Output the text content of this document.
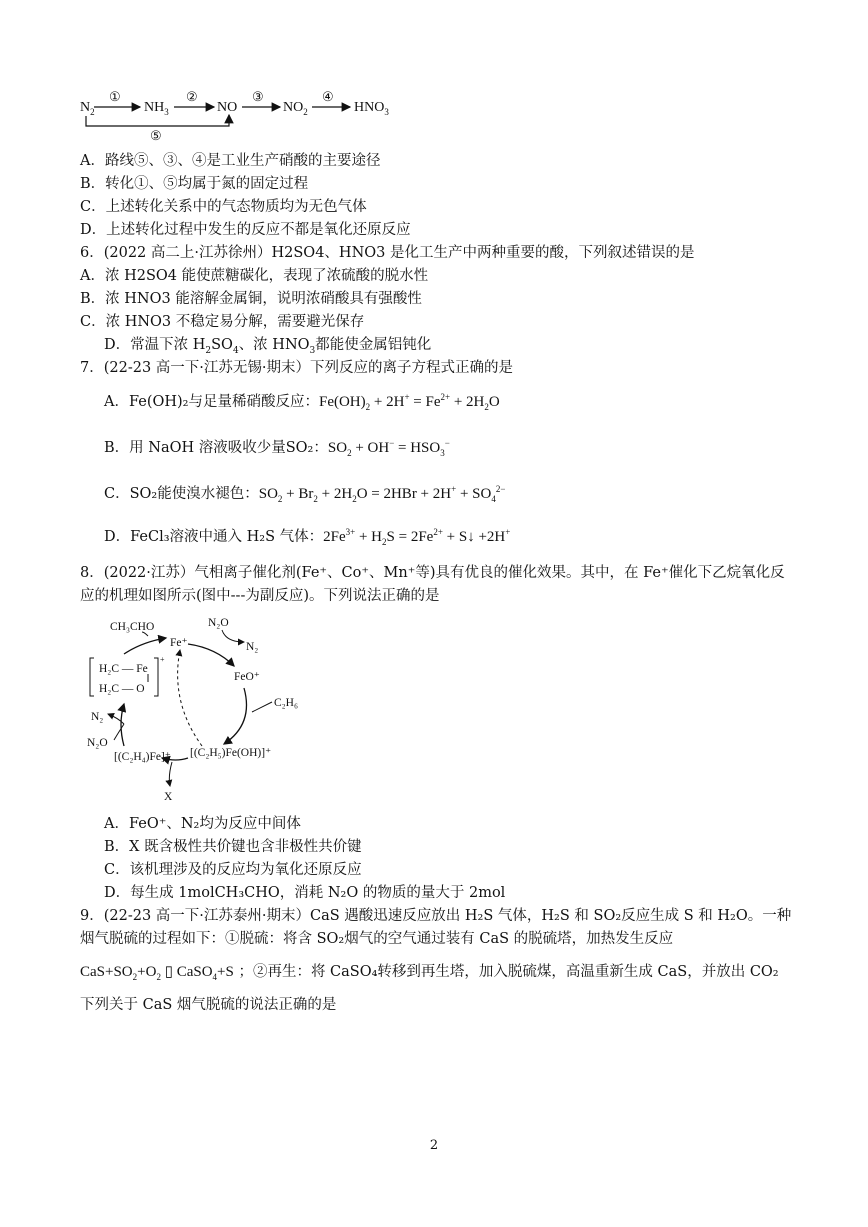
$N_2$
①
$NH_3$
②
NO
③
$NO_2$
④
$HNO_3$
⑤
A．路线⑤、③、④是工业生产硝酸的主要途径
B．转化①、⑤均属于氮的固定过程
C．上述转化关系中的气态物质均为无色气体
D．上述转化过程中发生的反应不都是氧化还原反应
6．(2022 高二上·江苏徐州）H2SO4、HNO3 是化工生产中两种重要的酸，下列叙述错误的是
A．浓 H2SO4 能使蔗糖碳化，表现了浓硫酸的脱水性
B．浓 HNO3 能溶解金属铜，说明浓硝酸具有强酸性
C．浓 HNO3 不稳定易分解，需要避光保存
D．常温下浓 $H_2SO_4$、浓 $HNO_3$都能使金属铝钝化
7．(22-23 高一下·江苏无锡·期末）下列反应的离子方程式正确的是
A．Fe(OH)₂与足量稀硝酸反应：$Fe(OH)_2 + 2H^+ = Fe^{2+} + 2H_2O$
B．用 NaOH 溶液吸收少量SO₂：$SO_2 + OH^- = HSO_3^-$
C．SO₂能使溴水褪色：$SO_2 + Br_2 + 2H_2O = 2HBr + 2H^+ + SO_4^{2-}$
D．FeCl₃溶液中通入 H₂S 气体：$2Fe^{3+} + H_2S = 2Fe^{2+}$ + S↓ +2H+
8．(2022·江苏）气相离子催化剂(Fe⁺、Co⁺、Mn⁺等)具有优良的催化效果。其中，在 Fe⁺催化下乙烷氧化反
应的机理如图所示(图中---为副反应)。下列说法正确的是
CH₃CHO
Fe⁺
N₂O
N₂
FeO⁺
C₂H₆
H₂C — Fe
H₂C — O
N₂
N₂O
[(C₂H₄)Fe]⁺ [(C₂H₅)Fe(OH)]⁺
X
+
A．FeO⁺、N₂均为反应中间体
B．X 既含极性共价键也含非极性共价键
C．该机理涉及的反应均为氧化还原反应
D．每生成 1molCH₃CHO，消耗 N₂O 的物质的量大于 2mol
9．(22-23 高一下·江苏泰州·期末）CaS 遇酸迅速反应放出 H₂S 气体，H₂S 和 SO₂反应生成 S 和 H₂O。一种
烟气脱硫的过程如下：①脱硫：将含 SO₂烟气的空气通过装有 CaS 的脱硫塔，加热发生反应
$CaS+SO_2+O_2$ ▯ CaSO$_4$+S ；②再生：将 CaSO₄转移到再生塔，加入脱硫煤，高温重新生成 CaS，并放出 CO₂
下列关于 CaS 烟气脱硫的说法正确的是
2
